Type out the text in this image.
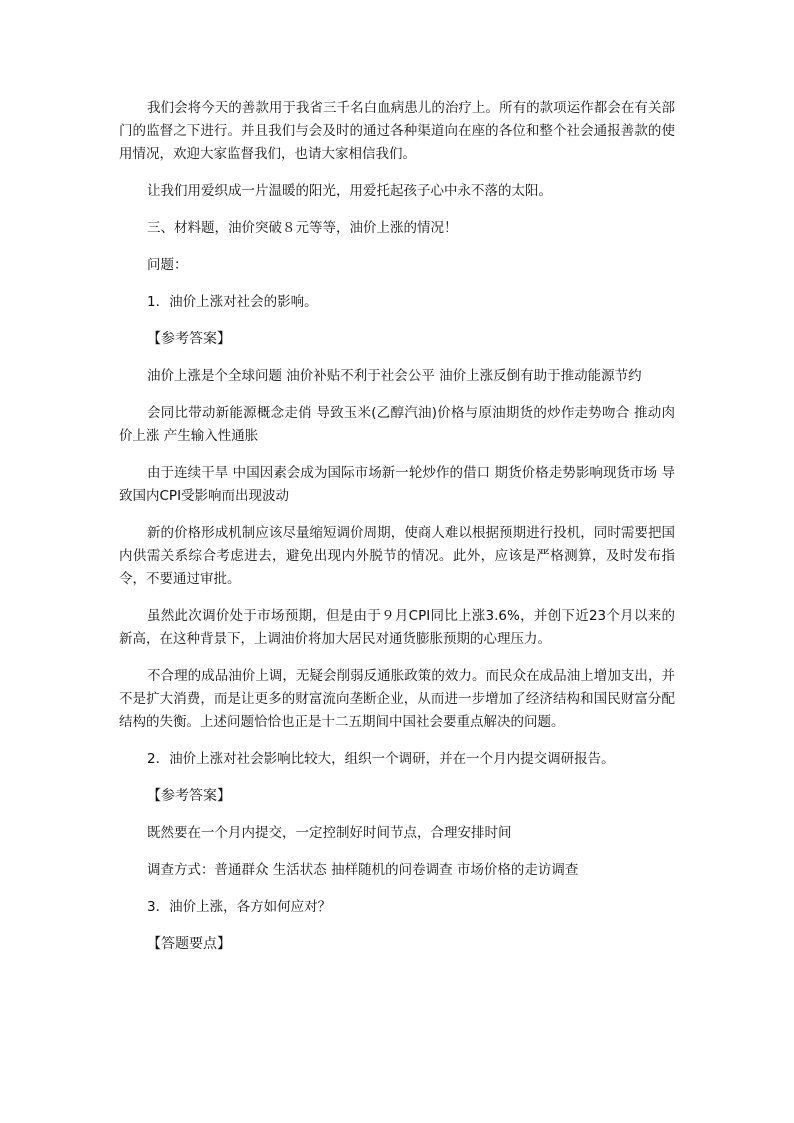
我们会将今天的善款用于我省三千名白血病患儿的治疗上。所有的款项运作都会在有关部门的监督之下进行。并且我们与会及时的通过各种渠道向在座的各位和整个社会通报善款的使用情况，欢迎大家监督我们，也请大家相信我们。

让我们用爱织成一片温暖的阳光，用爱托起孩子心中永不落的太阳。

三、材料题，油价突破８元等等，油价上涨的情况！

问题：

1．油价上涨对社会的影响。

【参考答案】

油价上涨是个全球问题 油价补贴不利于社会公平 油价上涨反倒有助于推动能源节约

会同比带动新能源概念走俏 导致玉米(乙醇汽油)价格与原油期货的炒作走势吻合 推动肉价上涨 产生输入性通胀

由于连续干旱 中国因素会成为国际市场新一轮炒作的借口 期货价格走势影响现货市场 导致国内CPI受影响而出现波动

新的价格形成机制应该尽量缩短调价周期，使商人难以根据预期进行投机，同时需要把国内供需关系综合考虑进去，避免出现内外脱节的情况。此外，应该是严格测算，及时发布指令，不要通过审批。

虽然此次调价处于市场预期，但是由于９月CPI同比上涨3.6%，并创下近23个月以来的新高，在这种背景下，上调油价将加大居民对通货膨胀预期的心理压力。

不合理的成品油价上调，无疑会削弱反通胀政策的效力。而民众在成品油上增加支出，并不是扩大消费，而是让更多的财富流向垄断企业，从而进一步增加了经济结构和国民财富分配结构的失衡。上述问题恰恰也正是十二五期间中国社会要重点解决的问题。

2．油价上涨对社会影响比较大，组织一个调研，并在一个月内提交调研报告。

【参考答案】

既然要在一个月内提交，一定控制好时间节点，合理安排时间

调查方式：普通群众 生活状态 抽样随机的问卷调查 市场价格的走访调查

3．油价上涨，各方如何应对？

【答题要点】
